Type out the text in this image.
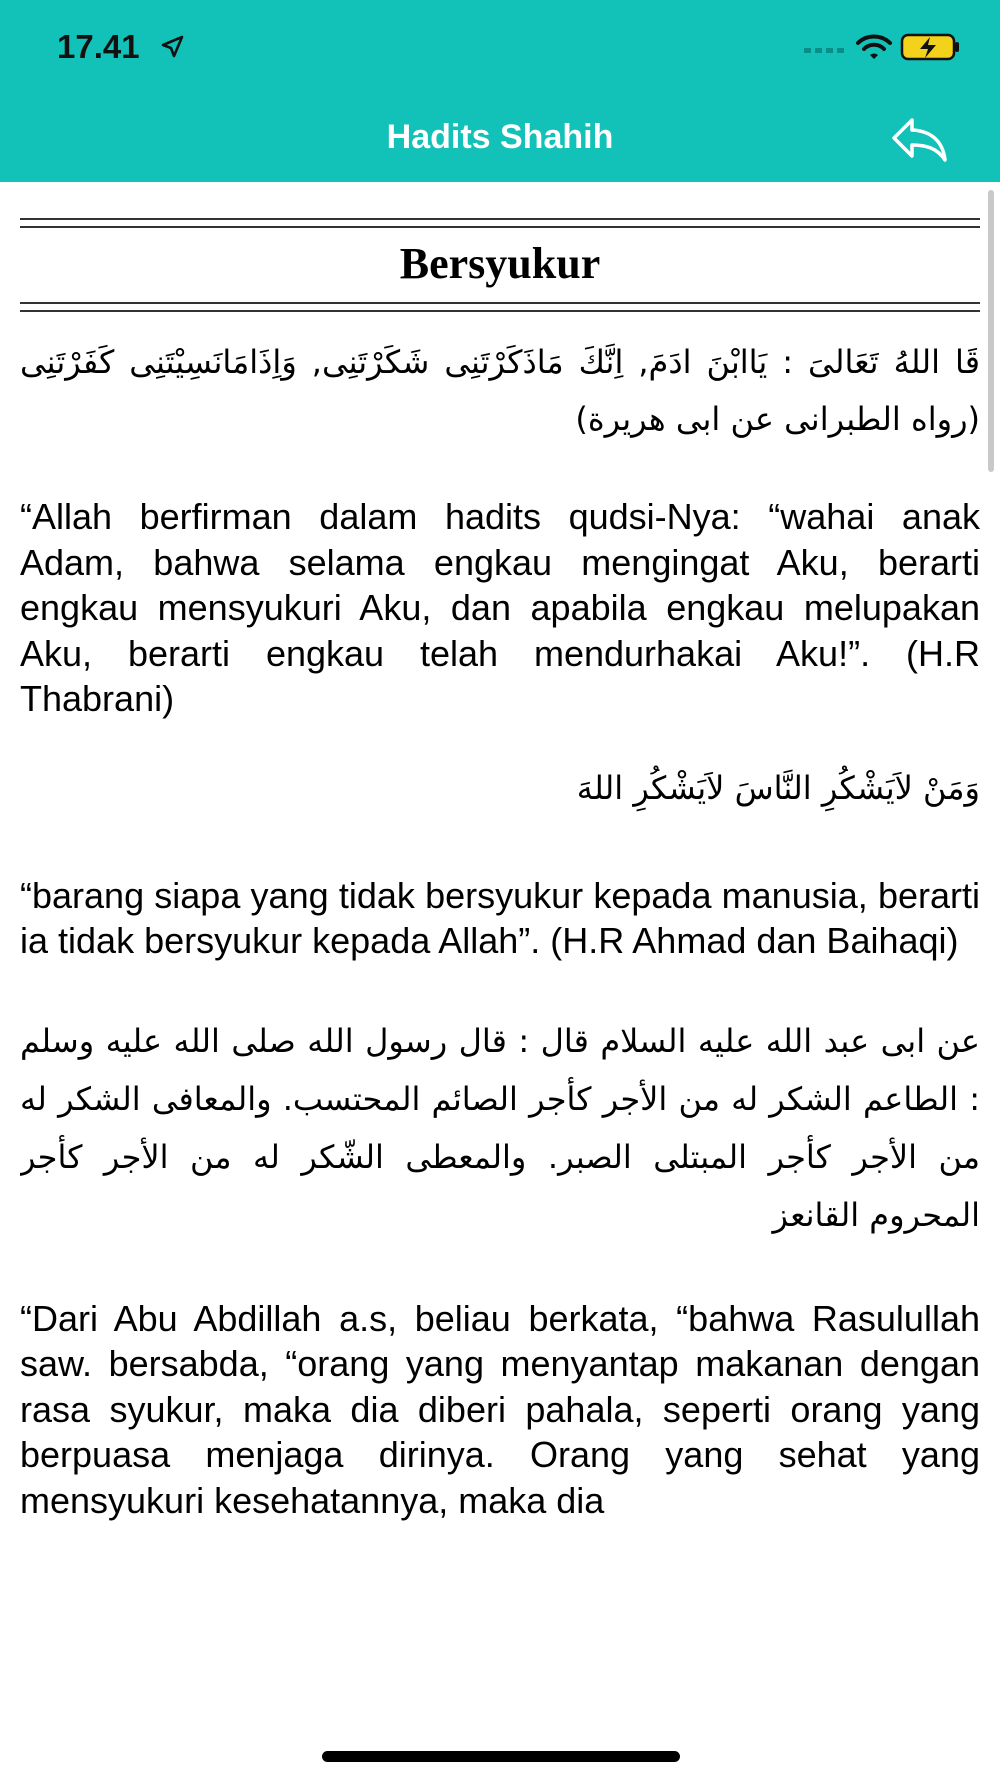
17.41
Hadits Shahih
Bersyukur

قَا اللهُ تَعَالىَ : يَاابْنَ ادَمَ, اِنَّكَ مَاذَكَرْتَنِى شَكَرْتَنِى, وَاِذَامَانَسِيْتَنِى كَفَرْتَنِى (رواه الطبرانى عن ابى هريرة)

“Allah berfirman dalam hadits qudsi-Nya: “wahai anak Adam, bahwa selama engkau mengingat Aku, berarti engkau mensyukuri Aku, dan apabila engkau melupakan Aku, berarti engkau telah mendurhakai Aku!”. (H.R Thabrani)

وَمَنْ لاَيَشْكُرِ النَّاسَ لاَيَشْكُرِ اللهَ

“barang siapa yang tidak bersyukur kepada manusia, berarti ia tidak bersyukur kepada Allah”. (H.R Ahmad dan Baihaqi)

عن ابى عبد الله عليه السلام قال : قال رسول الله صلى الله عليه وسلم : الطاعم الشكر له من الأجر كأجر الصائم المحتسب. والمعافى الشكر له من الأجر كأجر المبتلى الصبر. والمعطى الشّكر له من الأجر كأجر المحروم القانعز

“Dari Abu Abdillah a.s, beliau berkata, “bahwa Rasulullah saw. bersabda, “orang yang menyantap makanan dengan rasa syukur, maka dia diberi pahala, seperti orang yang berpuasa menjaga dirinya. Orang yang sehat yang mensyukuri kesehatannya, maka dia
